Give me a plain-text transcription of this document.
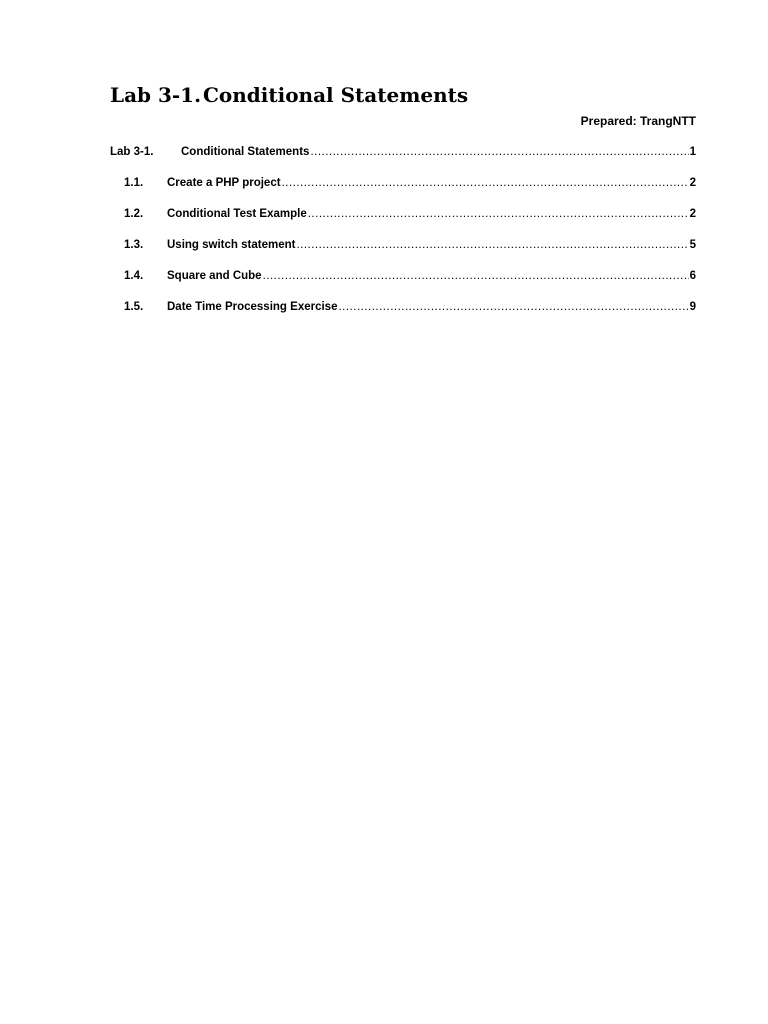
Lab 3-1.Conditional Statements
Prepared: TrangNTT
Lab 3-1.	Conditional Statements .....	1
1.1.	Create a PHP project .....	2
1.2.	Conditional Test Example .....	2
1.3.	Using switch statement .....	5
1.4.	Square and Cube .....	6
1.5.	Date Time Processing Exercise .....	9
